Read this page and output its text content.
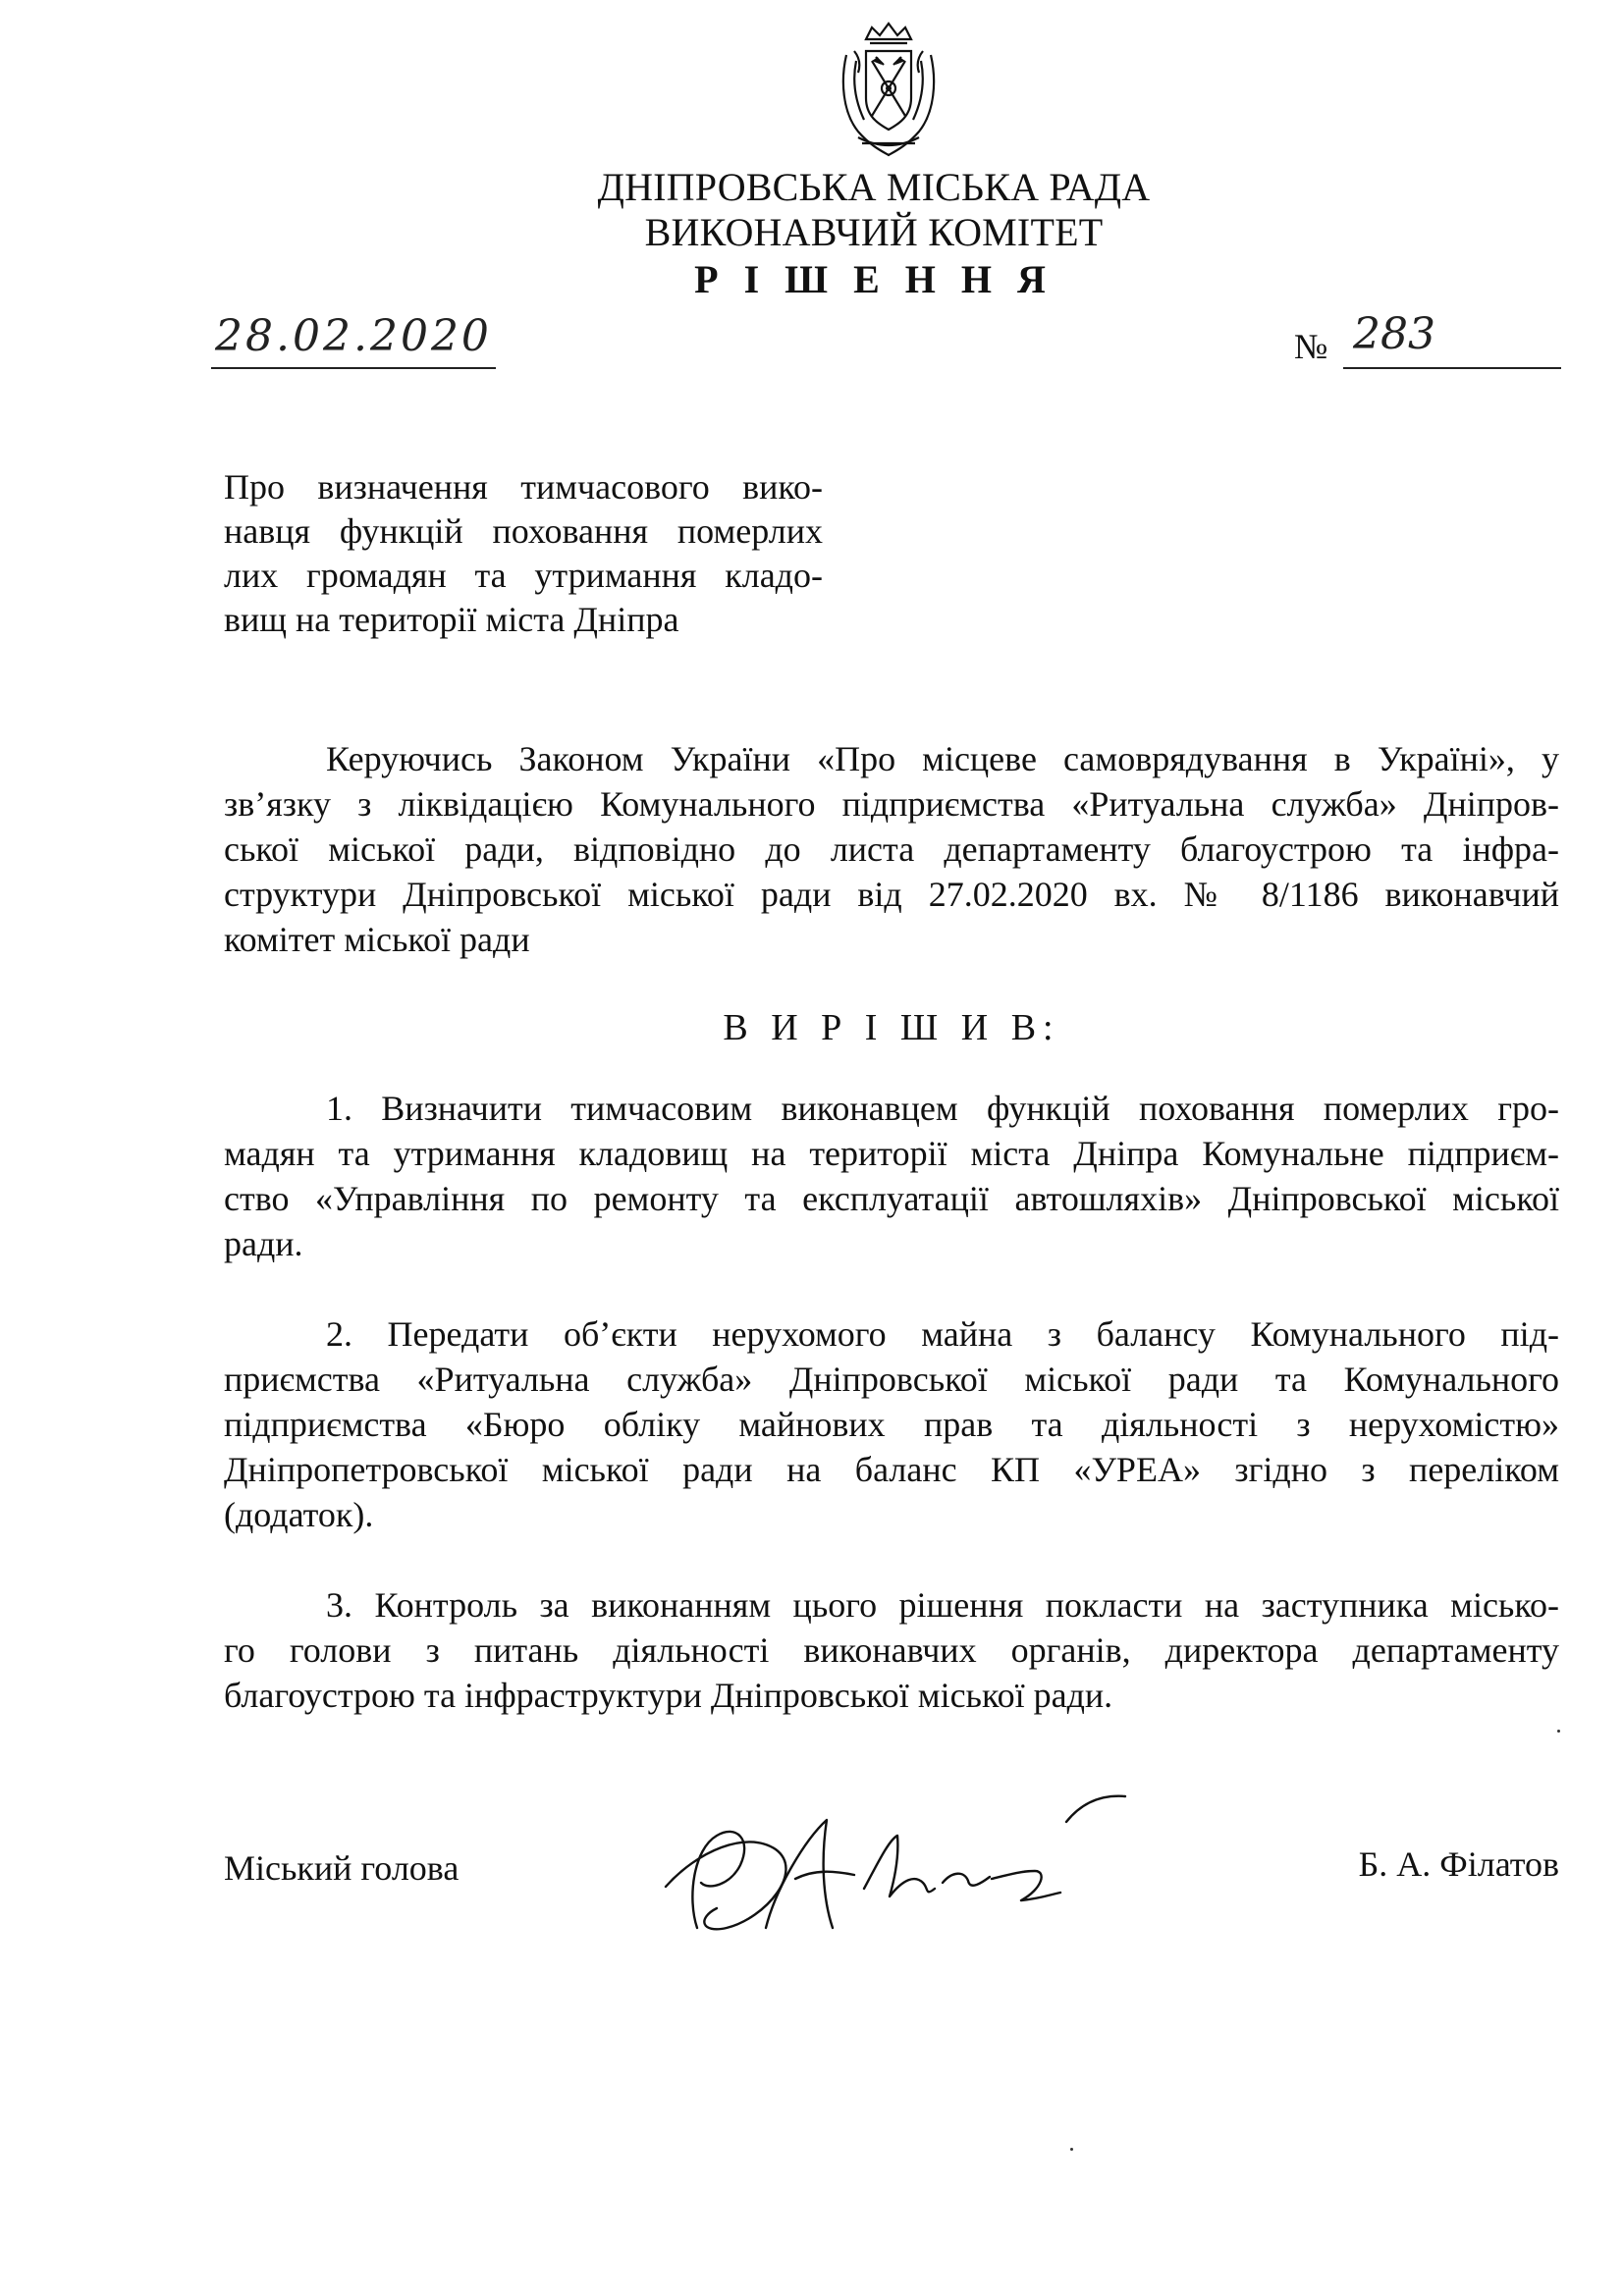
ДНІПРОВСЬКА МІСЬКА РАДА
ВИКОНАВЧИЙ КОМІТЕТ
Р І Ш Е Н Н Я
28.02.2020	№ 283
Про визначення тимчасового вико-
навця функцій поховання померлих
лих громадян та утримання кладо-
вищ на території міста Дніпра
Керуючись Законом України «Про місцеве самоврядування в Україні», у
зв’язку з ліквідацією Комунального підприємства «Ритуальна служба» Дніпров-
ської міської ради, відповідно до листа департаменту благоустрою та інфра-
структури Дніпровської міської ради від 27.02.2020 вх. № 8/1186 виконавчий
комітет міської ради
В И Р І Ш И В:
1. Визначити тимчасовим виконавцем функцій поховання померлих гро-
мадян та утримання кладовищ на території міста Дніпра Комунальне підприєм-
ство «Управління по ремонту та експлуатації автошляхів» Дніпровської міської
ради.
2. Передати об’єкти нерухомого майна з балансу Комунального під-
приємства «Ритуальна служба» Дніпровської міської ради та Комунального
підприємства «Бюро обліку майнових прав та діяльності з нерухомістю»
Дніпропетровської міської ради на баланс КП «УРЕА» згідно з переліком
(додаток).
3. Контроль за виконанням цього рішення покласти на заступника місько-
го голови з питань діяльності виконавчих органів, директора департаменту
благоустрою та інфраструктури Дніпровської міської ради.
Міський голова	Б. А. Філатов
